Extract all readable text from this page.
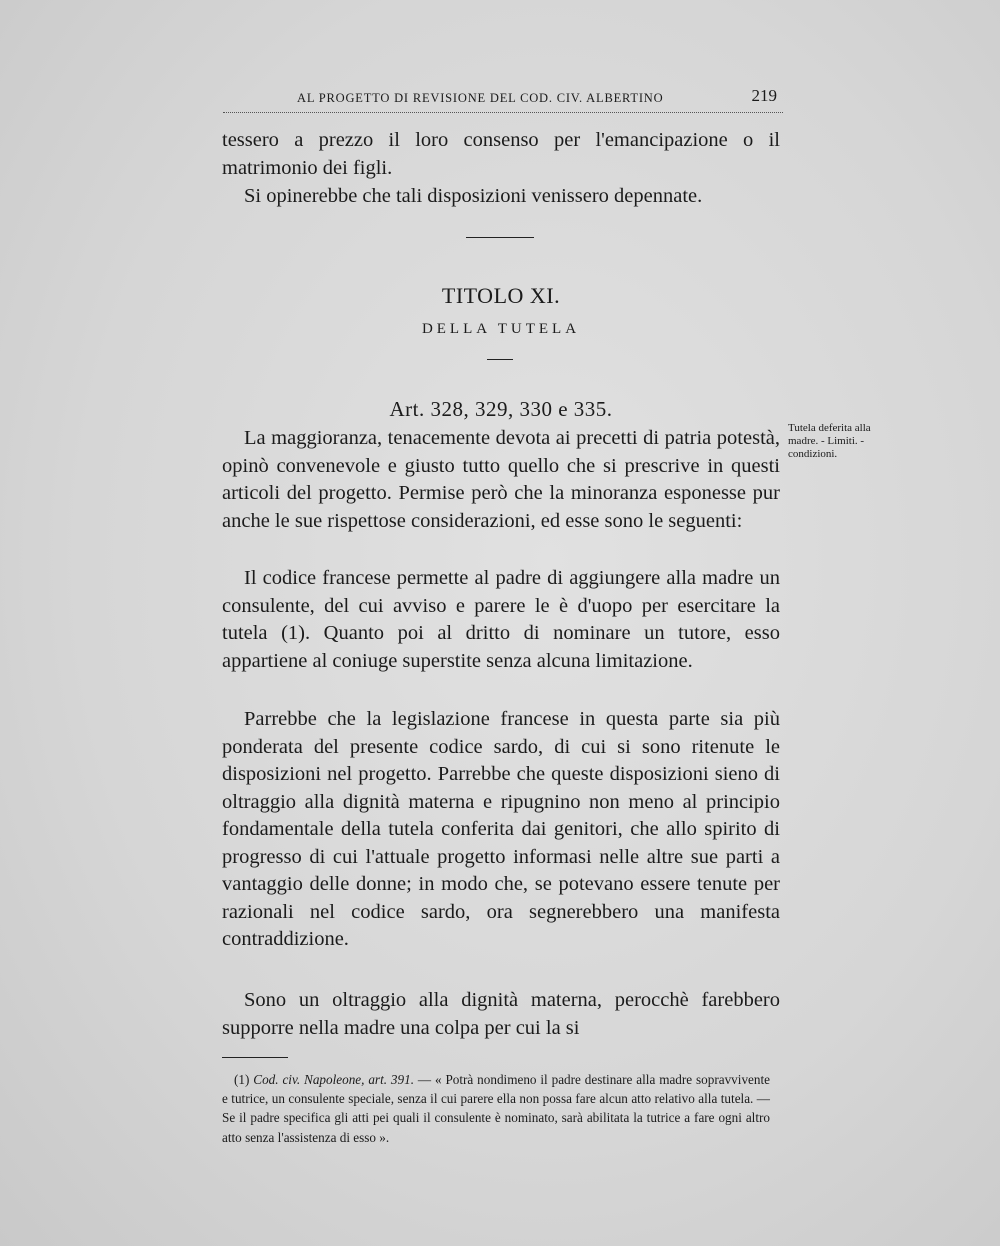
AL PROGETTO DI REVISIONE DEL COD. CIV. ALBERTINO	219

tessero a prezzo il loro consenso per l'emancipazione o il matrimonio dei figli.

Si opinerebbe che tali disposizioni venissero depennate.

TITOLO XI.
DELLA TUTELA
Art. 328, 329, 330 e 335.
Tutela deferita alla madre. - Limiti. - condizioni.

La maggioranza, tenacemente devota ai precetti di patria potestà, opinò convenevole e giusto tutto quello che si prescrive in questi articoli del progetto. Permise però che la minoranza esponesse pur anche le sue rispettose considerazioni, ed esse sono le seguenti:

Il codice francese permette al padre di aggiungere alla madre un consulente, del cui avviso e parere le è d'uopo per esercitare la tutela (1). Quanto poi al dritto di nominare un tutore, esso appartiene al coniuge superstite senza alcuna limitazione.

Parrebbe che la legislazione francese in questa parte sia più ponderata del presente codice sardo, di cui si sono ritenute le disposizioni nel progetto. Parrebbe che queste disposizioni sieno di oltraggio alla dignità materna e ripugnino non meno al principio fondamentale della tutela conferita dai genitori, che allo spirito di progresso di cui l'attuale progetto informasi nelle altre sue parti a vantaggio delle donne; in modo che, se potevano essere tenute per razionali nel codice sardo, ora segnerebbero una manifesta contraddizione.

Sono un oltraggio alla dignità materna, perocchè farebbero supporre nella madre una colpa per cui la si

(1) Cod. civ. Napoleone, art. 391. — « Potrà nondimeno il padre destinare alla madre sopravvivente e tutrice, un consulente speciale, senza il cui parere ella non possa fare alcun atto relativo alla tutela. — Se il padre specifica gli atti pei quali il consulente è nominato, sarà abilitata la tutrice a fare ogni altro atto senza l'assistenza di esso ».
